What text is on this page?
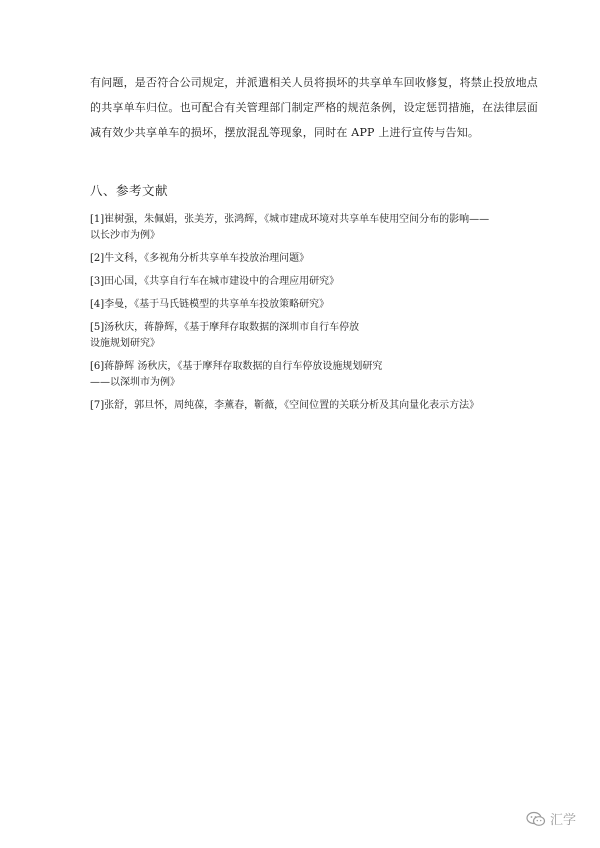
有问题，是否符合公司规定，并派遣相关人员将损坏的共享单车回收修复，将禁止投放地点
的共享单车归位。也可配合有关管理部门制定严格的规范条例，设定惩罚措施，在法律层面
减有效少共享单车的损坏，摆放混乱等现象，同时在 APP 上进行宣传与告知。
八、参考文献
[1]崔树强，朱佩娟，张美芳，张鸿辉，《城市建成环境对共享单车使用空间分布的影响——
以长沙市为例》
[2]牛文科，《多视角分析共享单车投放治理问题》
[3]田心国，《共享自行车在城市建设中的合理应用研究》
[4]李曼，《基于马氏链模型的共享单车投放策略研究》
[5]汤秋庆，蒋静辉，《基于摩拜存取数据的深圳市自行车停放
设施规划研究》
[6]蒋静辉 汤秋庆，《基于摩拜存取数据的自行车停放设施规划研究
——以深圳市为例》
[7]张舒，郭旦怀，周纯葆，李薰春，靳薇，《空间位置的关联分析及其向量化表示方法》
汇学
